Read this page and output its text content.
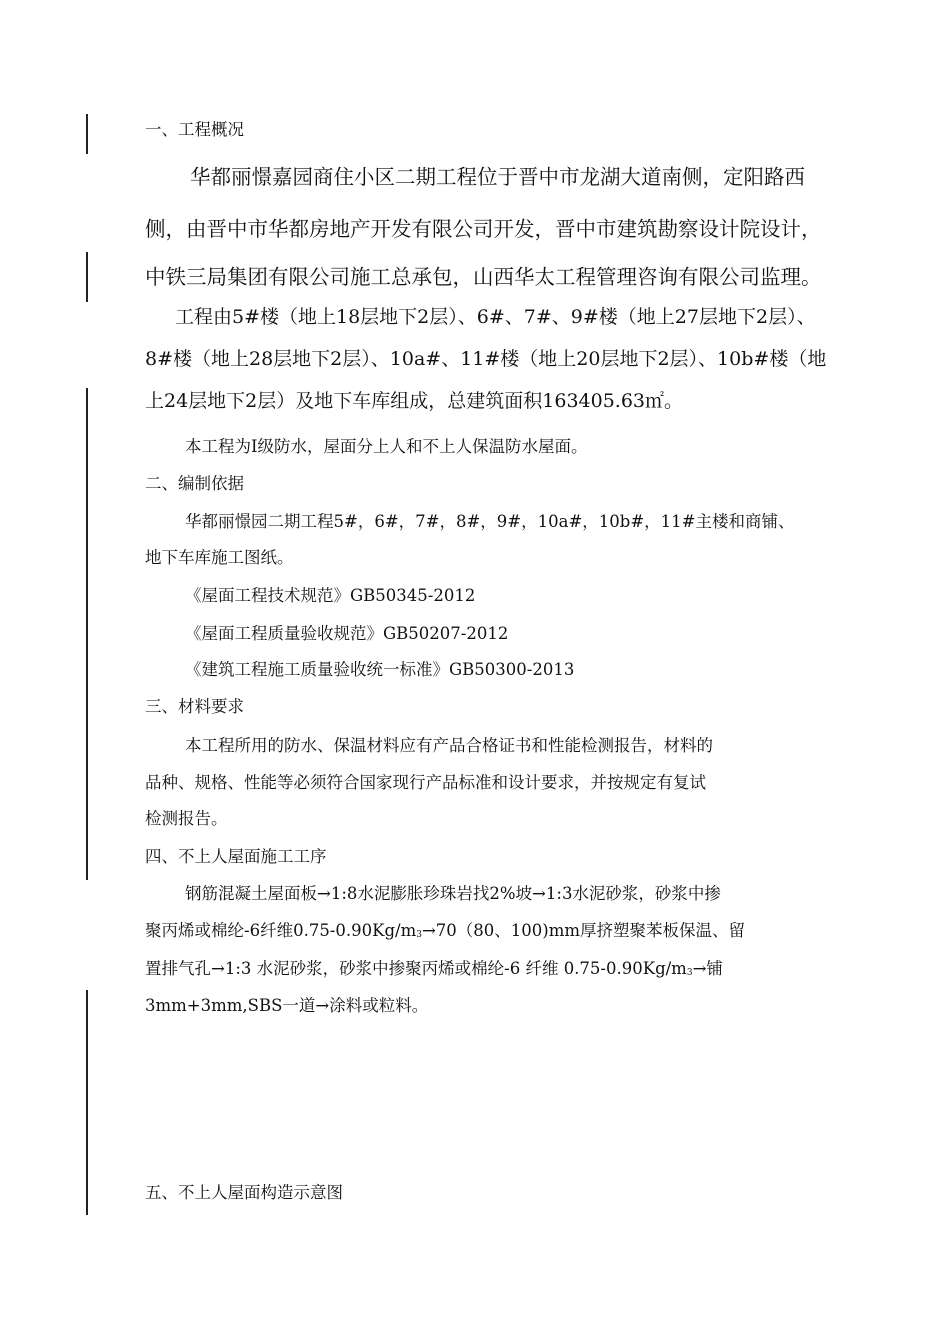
一、工程概况
华都丽憬嘉园商住小区二期工程位于晋中市龙湖大道南侧，定阳路西
侧，由晋中市华都房地产开发有限公司开发，晋中市建筑勘察设计院设计，
中铁三局集团有限公司施工总承包，山西华太工程管理咨询有限公司监理。
工程由5#楼（地上18层地下2层）、6#、7#、9#楼（地上27层地下2层）、
8#楼（地上28层地下2层）、10a#、11#楼（地上20层地下2层）、10b#楼（地
上24层地下2层）及地下车库组成，总建筑面积163405.63㎡。
本工程为Ⅰ级防水，屋面分上人和不上人保温防水屋面。
二、编制依据
华都丽憬园二期工程5#，6#，7#，8#，9#，10a#，10b#，11#主楼和商铺、
地下车库施工图纸。
《屋面工程技术规范》GB50345-2012
《屋面工程质量验收规范》GB50207-2012
《建筑工程施工质量验收统一标准》GB50300-2013
三、材料要求
本工程所用的防水、保温材料应有产品合格证书和性能检测报告，材料的
品种、规格、性能等必须符合国家现行产品标准和设计要求，并按规定有复试
检测报告。
四、不上人屋面施工工序
钢筋混凝土屋面板→1:8水泥膨胀珍珠岩找2%坡→1:3水泥砂浆，砂浆中掺
聚丙烯或棉纶-6纤维$0.75-0.90Kg/m_3\to 70(80$、100)mm厚挤塑聚苯板保温、留
置排气孔→1:3 水泥砂浆，砂浆中掺聚丙烯或棉纶-6 纤维 $0.75-0.90Kg/m_3\to$铺
3mm+3mm,SBS一道→涂料或粒料。
五、不上人屋面构造示意图
